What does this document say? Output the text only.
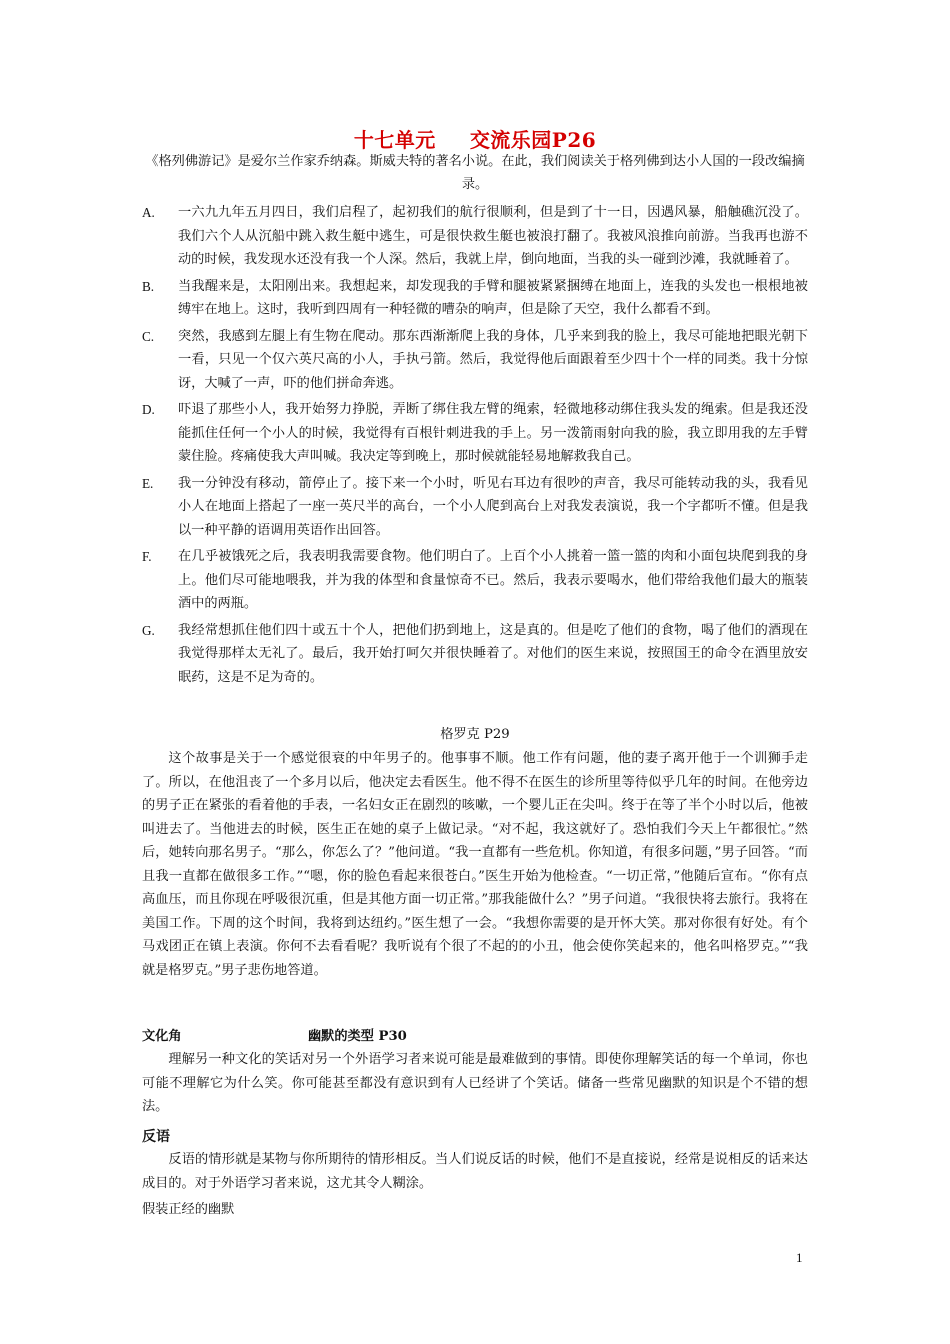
十七单元 交流乐园P26
《格列佛游记》是爱尔兰作家乔纳森。斯威夫特的著名小说。在此，我们阅读关于格列佛到达小人国的一段改编摘录。
A. 一六九九年五月四日，我们启程了，起初我们的航行很顺利，但是到了十一日，因遇风暴，船触礁沉没了。我们六个人从沉船中跳入救生艇中逃生，可是很快救生艇也被浪打翻了。我被风浪推向前游。当我再也游不动的时候，我发现水还没有我一个人深。然后，我就上岸，倒向地面，当我的头一碰到沙滩，我就睡着了。
B. 当我醒来是，太阳刚出来。我想起来，却发现我的手臂和腿被紧紧捆缚在地面上，连我的头发也一根根地被缚牢在地上。这时，我听到四周有一种轻微的嘈杂的响声，但是除了天空，我什么都看不到。
C. 突然，我感到左腿上有生物在爬动。那东西渐渐爬上我的身体，几乎来到我的脸上，我尽可能地把眼光朝下一看，只见一个仅六英尺高的小人，手执弓箭。然后，我觉得他后面跟着至少四十个一样的同类。我十分惊讶，大喊了一声，吓的他们拼命奔逃。
D. 吓退了那些小人，我开始努力挣脱，弄断了绑住我左臂的绳索，轻微地移动绑住我头发的绳索。但是我还没能抓住任何一个小人的时候，我觉得有百根针刺进我的手上。另一泼箭雨射向我的脸，我立即用我的左手臂蒙住脸。疼痛使我大声叫喊。我决定等到晚上，那时候就能轻易地解救我自己。
E. 我一分钟没有移动，箭停止了。接下来一个小时，听见右耳边有很吵的声音，我尽可能转动我的头，我看见小人在地面上搭起了一座一英尺半的高台，一个小人爬到高台上对我发表演说，我一个字都听不懂。但是我以一种平静的语调用英语作出回答。
F. 在几乎被饿死之后，我表明我需要食物。他们明白了。上百个小人挑着一篮一篮的肉和小面包块爬到我的身上。他们尽可能地喂我，并为我的体型和食量惊奇不已。然后，我表示要喝水，他们带给我他们最大的瓶装酒中的两瓶。
G. 我经常想抓住他们四十或五十个人，把他们扔到地上，这是真的。但是吃了他们的食物，喝了他们的酒现在我觉得那样太无礼了。最后，我开始打呵欠并很快睡着了。对他们的医生来说，按照国王的命令在酒里放安眠药，这是不足为奇的。
格罗克 P29

这个故事是关于一个感觉很衰的中年男子的。他事事不顺。他工作有问题，他的妻子离开他于一个训狮手走了。所以，在他沮丧了一个多月以后，他决定去看医生。他不得不在医生的诊所里等待似乎几年的时间。在他旁边的男子正在紧张的看着他的手表，一名妇女正在剧烈的咳嗽，一个婴儿正在尖叫。终于在等了半个小时以后，他被叫进去了。当他进去的时候，医生正在她的桌子上做记录。“对不起，我这就好了。恐怕我们今天上午都很忙。”然后，她转向那名男子。“那么，你怎么了？”他问道。“我一直都有一些危机。你知道，有很多问题，”男子回答。“而且我一直都在做很多工作。”“嗯，你的脸色看起来很苍白。”医生开始为他检查。“一切正常，”他随后宣布。“你有点高血压，而且你现在呼吸很沉重，但是其他方面一切正常。”那我能做什么？”男子问道。“我很快将去旅行。我将在美国工作。下周的这个时间，我将到达纽约。”医生想了一会。“我想你需要的是开怀大笑。那对你很有好处。有个马戏团正在镇上表演。你何不去看看呢？我听说有个很了不起的的小丑，他会使你笑起来的，他名叫格罗克。”“我就是格罗克。”男子悲伤地答道。

文化角	幽默的类型 P30

理解另一种文化的笑话对另一个外语学习者来说可能是最难做到的事情。即使你理解笑话的每一个单词，你也可能不理解它为什么笑。你可能甚至都没有意识到有人已经讲了个笑话。储备一些常见幽默的知识是个不错的想法。

反语

反语的情形就是某物与你所期待的情形相反。当人们说反话的时候，他们不是直接说，经常是说相反的话来达成目的。对于外语学习者来说，这尤其令人糊涂。

假装正经的幽默
1
